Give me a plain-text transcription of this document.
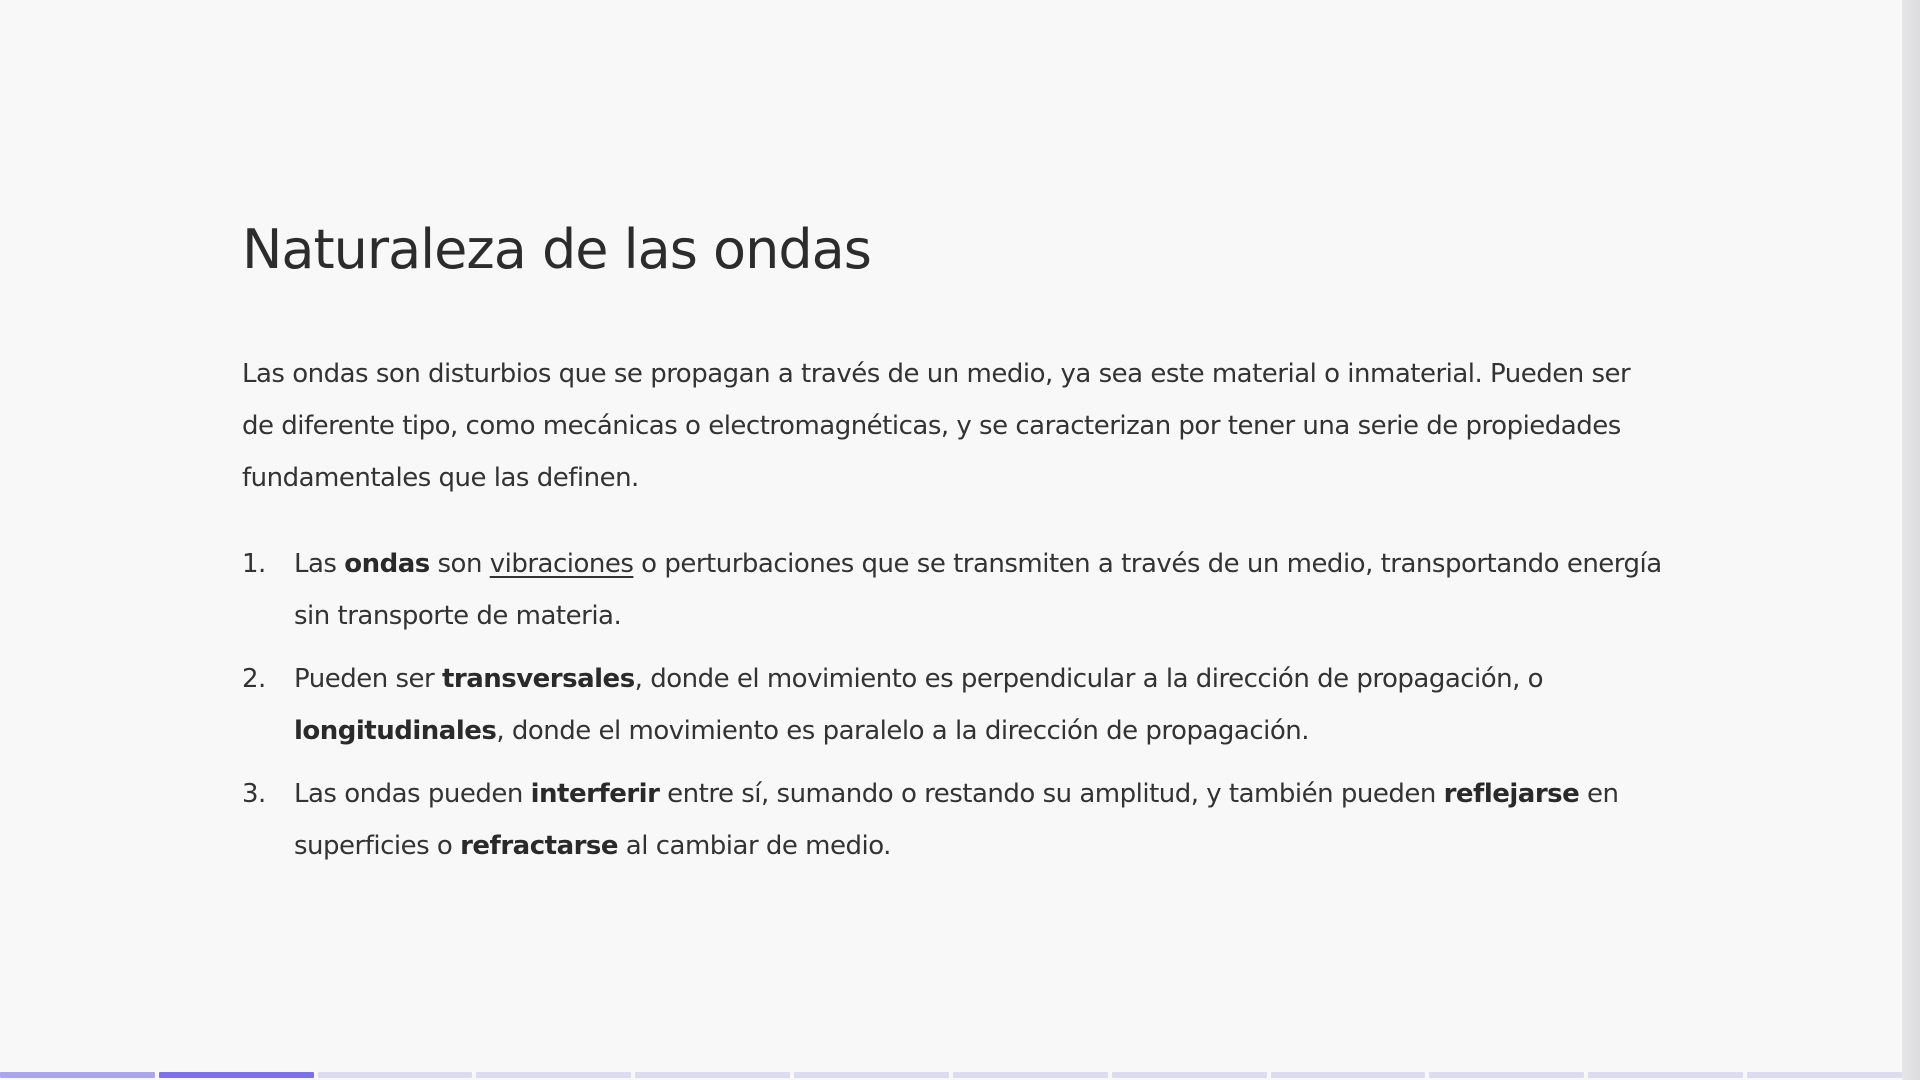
Naturaleza de las ondas

Las ondas son disturbios que se propagan a través de un medio, ya sea este material o inmaterial. Pueden ser de diferente tipo, como mecánicas o electromagnéticas, y se caracterizan por tener una serie de propiedades fundamentales que las definen.

1. Las ondas son vibraciones o perturbaciones que se transmiten a través de un medio, transportando energía sin transporte de materia.
2. Pueden ser transversales, donde el movimiento es perpendicular a la dirección de propagación, o longitudinales, donde el movimiento es paralelo a la dirección de propagación.
3. Las ondas pueden interferir entre sí, sumando o restando su amplitud, y también pueden reflejarse en superficies o refractarse al cambiar de medio.
